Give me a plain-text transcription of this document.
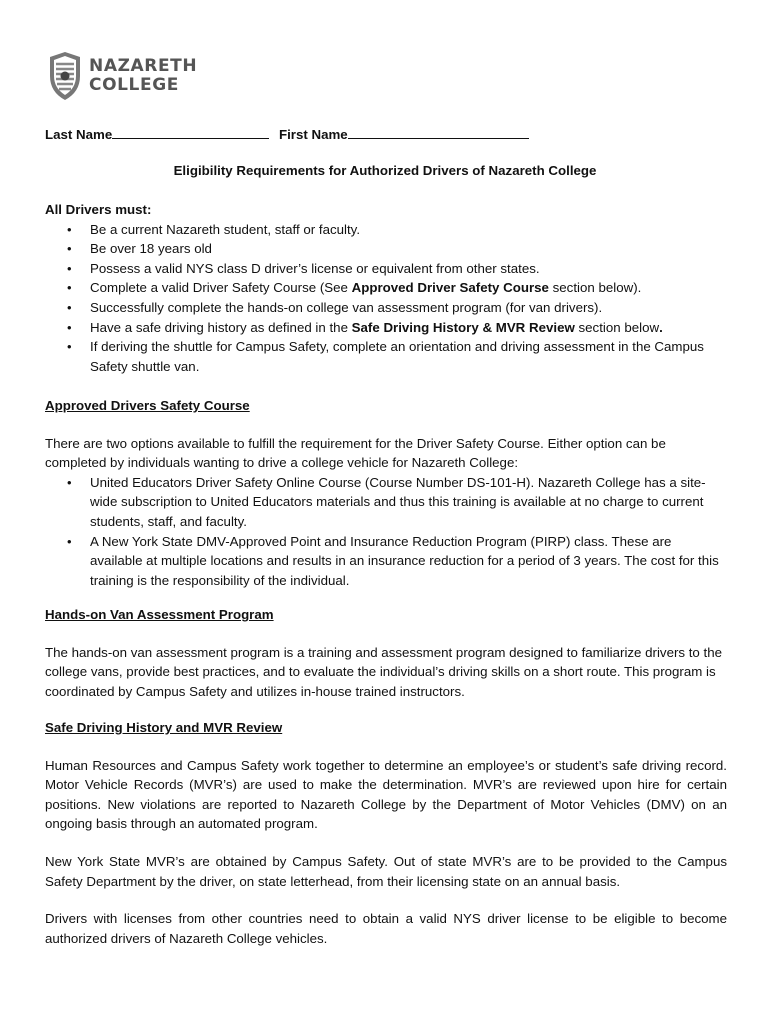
NAZARETH
COLLEGE
Last Name	First Name
Eligibility Requirements for Authorized Drivers of Nazareth College

All Drivers must:

• Be a current Nazareth student, staff or faculty.
• Be over 18 years old
• Possess a valid NYS class D driver’s license or equivalent from other states.
• Complete a valid Driver Safety Course (See Approved Driver Safety Course section below).
• Successfully complete the hands-on college van assessment program (for van drivers).
• Have a safe driving history as defined in the Safe Driving History & MVR Review section below.
• If deriving the shuttle for Campus Safety, complete an orientation and driving assessment in the Campus Safety shuttle van.

Approved Drivers Safety Course

There are two options available to fulfill the requirement for the Driver Safety Course. Either option can be completed by individuals wanting to drive a college vehicle for Nazareth College:

• United Educators Driver Safety Online Course (Course Number DS-101-H). Nazareth College has a site-wide subscription to United Educators materials and thus this training is available at no charge to current students, staff, and faculty.
• A New York State DMV-Approved Point and Insurance Reduction Program (PIRP) class. These are available at multiple locations and results in an insurance reduction for a period of 3 years. The cost for this training is the responsibility of the individual.

Hands-on Van Assessment Program

The hands-on van assessment program is a training and assessment program designed to familiarize drivers to the college vans, provide best practices, and to evaluate the individual’s driving skills on a short route. This program is coordinated by Campus Safety and utilizes in-house trained instructors.

Safe Driving History and MVR Review

Human Resources and Campus Safety work together to determine an employee’s or student’s safe driving record. Motor Vehicle Records (MVR’s) are used to make the determination. MVR’s are reviewed upon hire for certain positions. New violations are reported to Nazareth College by the Department of Motor Vehicles (DMV) on an ongoing basis through an automated program.

New York State MVR’s are obtained by Campus Safety. Out of state MVR’s are to be provided to the Campus Safety Department by the driver, on state letterhead, from their licensing state on an annual basis.

Drivers with licenses from other countries need to obtain a valid NYS driver license to be eligible to become authorized drivers of Nazareth College vehicles.
